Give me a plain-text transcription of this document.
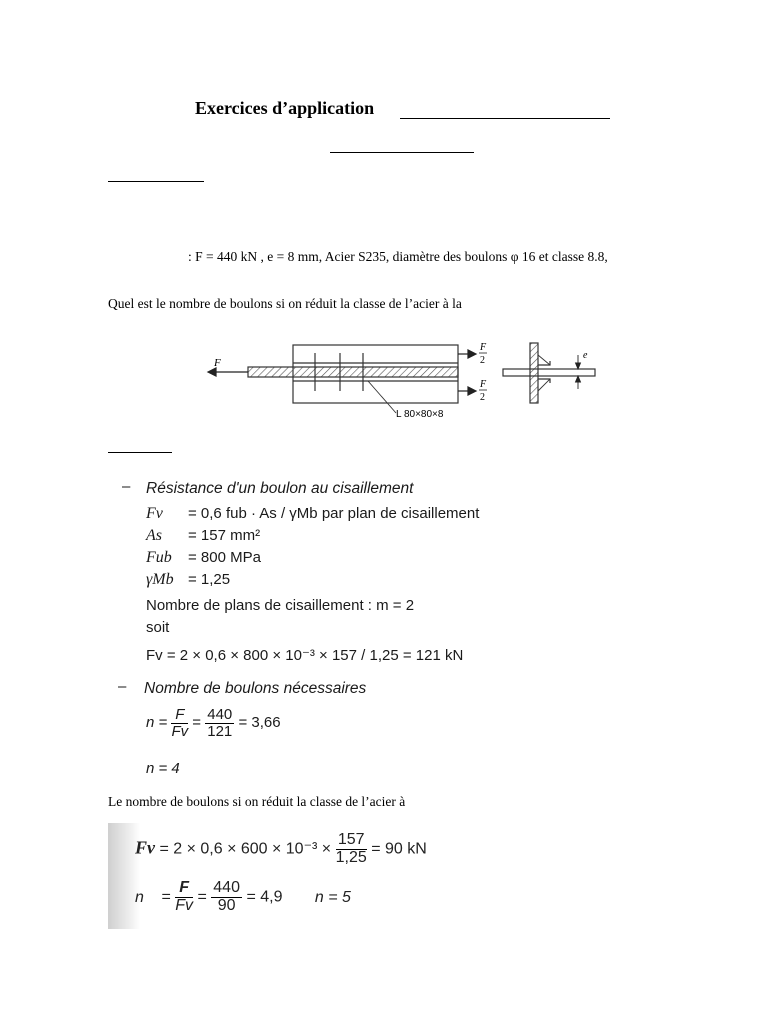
Exercices d’application
: F = 440 kN , e = 8 mm, Acier S235, diamètre des boulons φ 16 et classe 8.8,
Quel est le nombre de boulons si on réduit la classe de l’acier à la
F
F
2
F
2
L 80×80×8
e
– Résistance d'un boulon au cisaillement
Fv = 0,6 fub · As / γMb par plan de cisaillement
As = 157 mm²
Fub = 800 MPa
γMb = 1,25
Nombre de plans de cisaillement : m = 2
soit
Fv = 2 × 0,6 × 800 × 10⁻³ × 157 / 1,25 = 121 kN
– Nombre de boulons nécessaires
$n = \frac{F}{Fv} = \frac{440}{121} = 3,66$
n = 4
Le nombre de boulons si on réduit la classe de l’acier à
$Fv = 2 \times 0,6 \times 600 \times 10^{-3} \times \frac{157}{1,25} = 90$ kN
$n = \frac{F}{Fv} = \frac{440}{90} = 4,9$ n = 5
